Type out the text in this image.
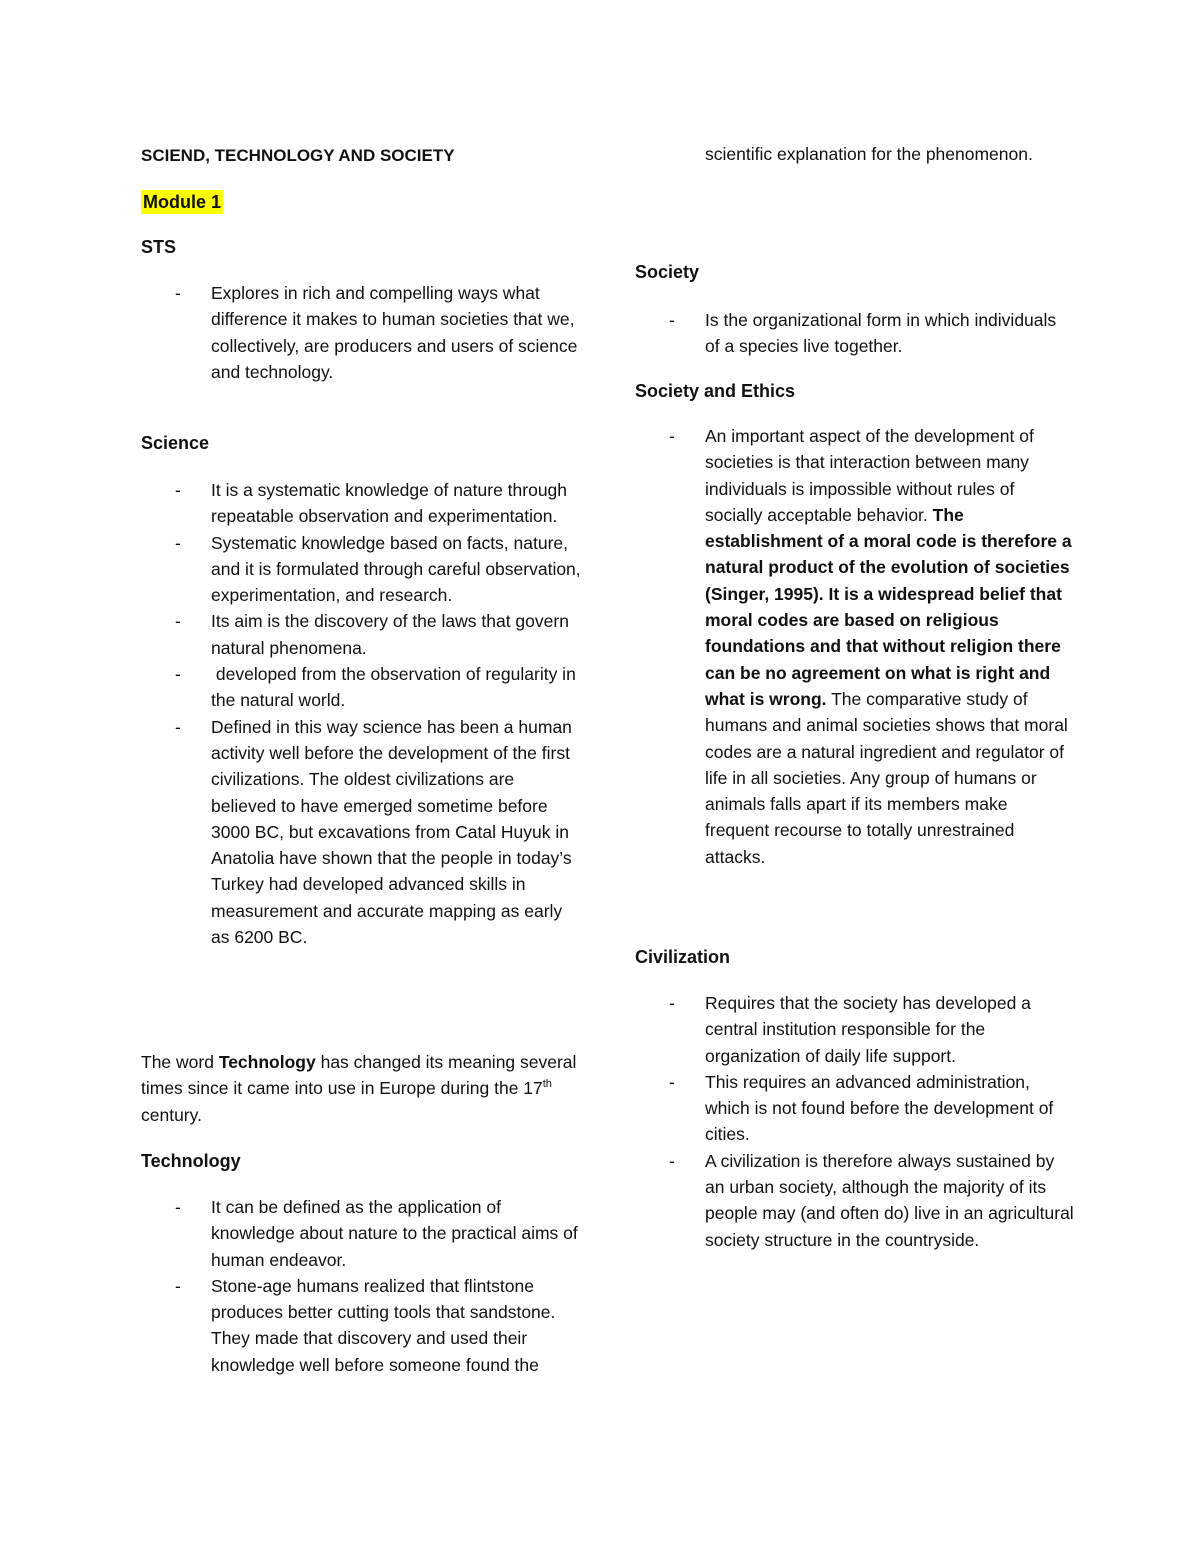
SCIEND, TECHNOLOGY AND SOCIETY
Module 1
STS
- Explores in rich and compelling ways what difference it makes to human societies that we, collectively, are producers and users of science and technology.
Science
- It is a systematic knowledge of nature through repeatable observation and experimentation.
- Systematic knowledge based on facts, nature, and it is formulated through careful observation, experimentation, and research.
- Its aim is the discovery of the laws that govern natural phenomena.
- developed from the observation of regularity in the natural world.
- Defined in this way science has been a human activity well before the development of the first civilizations. The oldest civilizations are believed to have emerged sometime before 3000 BC, but excavations from Catal Huyuk in Anatolia have shown that the people in today’s Turkey had developed advanced skills in measurement and accurate mapping as early as 6200 BC.

The word Technology has changed its meaning several times since it came into use in Europe during the 17th century.

Technology
- It can be defined as the application of knowledge about nature to the practical aims of human endeavor.
- Stone-age humans realized that flintstone produces better cutting tools that sandstone. They made that discovery and used their knowledge well before someone found the

scientific explanation for the phenomenon.

Society
- Is the organizational form in which individuals of a species live together.
Society and Ethics
- An important aspect of the development of societies is that interaction between many individuals is impossible without rules of socially acceptable behavior. The establishment of a moral code is therefore a natural product of the evolution of societies (Singer, 1995). It is a widespread belief that moral codes are based on religious foundations and that without religion there can be no agreement on what is right and what is wrong. The comparative study of humans and animal societies shows that moral codes are a natural ingredient and regulator of life in all societies. Any group of humans or animals falls apart if its members make frequent recourse to totally unrestrained attacks.
Civilization
- Requires that the society has developed a central institution responsible for the organization of daily life support.
- This requires an advanced administration, which is not found before the development of cities.
- A civilization is therefore always sustained by an urban society, although the majority of its people may (and often do) live in an agricultural society structure in the countryside.
